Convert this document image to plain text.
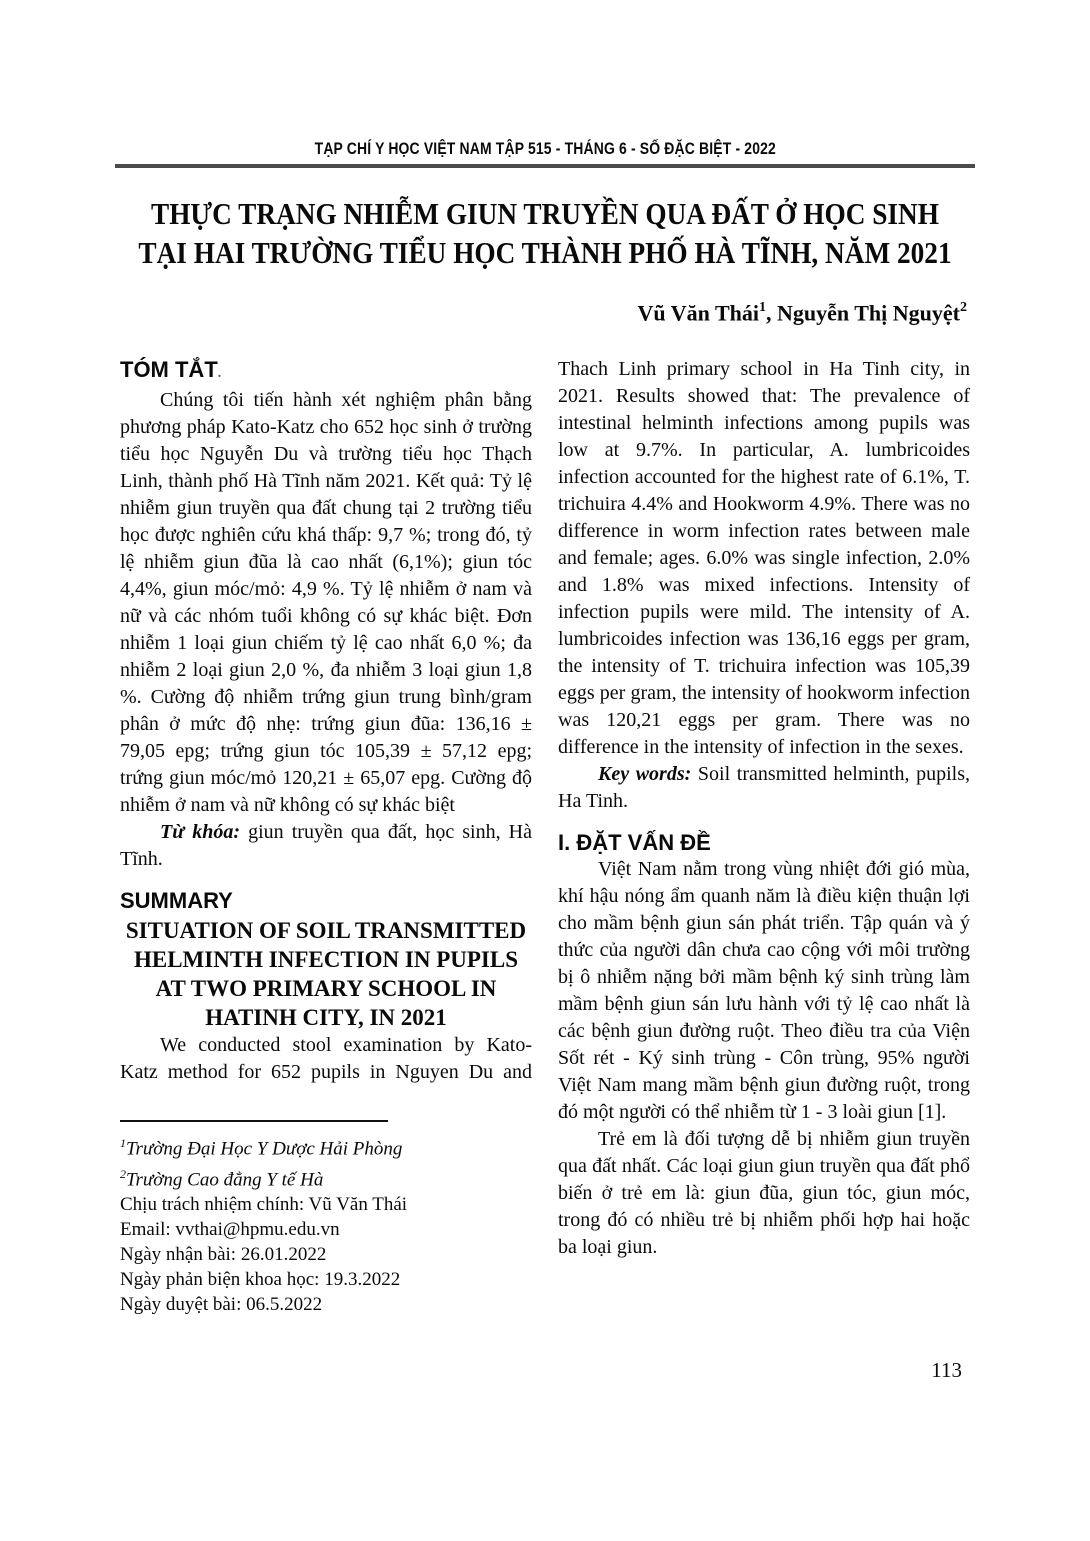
TẠP CHÍ Y HỌC VIỆT NAM TẬP 515 - THÁNG 6 - SỐ ĐẶC BIỆT - 2022
THỰC TRẠNG NHIỄM GIUN TRUYỀN QUA ĐẤT Ở HỌC SINH
TẠI HAI TRƯỜNG TIỂU HỌC THÀNH PHỐ HÀ TĨNH, NĂM 2021
Vũ Văn Thái$^1$, Nguyễn Thị Nguyệt$^2$
TÓM TẮT.

Chúng tôi tiến hành xét nghiệm phân bằng phương pháp Kato-Katz cho 652 học sinh ở trường tiểu học Nguyễn Du và trường tiểu học Thạch Linh, thành phố Hà Tĩnh năm 2021. Kết quả: Tỷ lệ nhiễm giun truyền qua đất chung tại 2 trường tiểu học được nghiên cứu khá thấp: 9,7 %; trong đó, tỷ lệ nhiễm giun đũa là cao nhất (6,1%); giun tóc 4,4%, giun móc/mỏ: 4,9 %. Tỷ lệ nhiễm ở nam và nữ và các nhóm tuổi không có sự khác biệt. Đơn nhiễm 1 loại giun chiếm tỷ lệ cao nhất 6,0 %; đa nhiễm 2 loại giun 2,0 %, đa nhiễm 3 loại giun 1,8 %. Cường độ nhiễm trứng giun trung bình/gram phân ở mức độ nhẹ: trứng giun đũa: 136,16 ± 79,05 epg; trứng giun tóc 105,39 ± 57,12 epg; trứng giun móc/mỏ 120,21 ± 65,07 epg. Cường độ nhiễm ở nam và nữ không có sự khác biệt

Từ khóa: giun truyền qua đất, học sinh, Hà Tĩnh.

SUMMARY
SITUATION OF SOIL TRANSMITTED
HELMINTH INFECTION IN PUPILS
AT TWO PRIMARY SCHOOL IN
HATINH CITY, IN 2021

We conducted stool examination by Kato-Katz method for 652 pupils in Nguyen Du and

$^1$Trường Đại Học Y Dược Hải Phòng

$^2$Trường Cao đẳng Y tế Hà

Chịu trách nhiệm chính: Vũ Văn Thái

Email: vvthai@hpmu.edu.vn

Ngày nhận bài: 26.01.2022

Ngày phản biện khoa học: 19.3.2022

Ngày duyệt bài: 06.5.2022

Thach Linh primary school in Ha Tinh city, in 2021. Results showed that: The prevalence of intestinal helminth infections among pupils was low at 9.7%. In particular, A. lumbricoides infection accounted for the highest rate of 6.1%, T. trichuira 4.4% and Hookworm 4.9%. There was no difference in worm infection rates between male and female; ages. 6.0% was single infection, 2.0% and 1.8% was mixed infections. Intensity of infection pupils were mild. The intensity of A. lumbricoides infection was 136,16 eggs per gram, the intensity of T. trichuira infection was 105,39 eggs per gram, the intensity of hookworm infection was 120,21 eggs per gram. There was no difference in the intensity of infection in the sexes.

Key words: Soil transmitted helminth, pupils, Ha Tinh.

I. ĐẶT VẤN ĐỀ

Việt Nam nằm trong vùng nhiệt đới gió mùa, khí hậu nóng ẩm quanh năm là điều kiện thuận lợi cho mầm bệnh giun sán phát triển. Tập quán và ý thức của người dân chưa cao cộng với môi trường bị ô nhiễm nặng bởi mầm bệnh ký sinh trùng làm mầm bệnh giun sán lưu hành với tỷ lệ cao nhất là các bệnh giun đường ruột. Theo điều tra của Viện Sốt rét - Ký sinh trùng - Côn trùng, 95% người Việt Nam mang mầm bệnh giun đường ruột, trong đó một người có thể nhiễm từ 1 - 3 loài giun [1].

Trẻ em là đối tượng dễ bị nhiễm giun truyền qua đất nhất. Các loại giun giun truyền qua đất phổ biến ở trẻ em là: giun đũa, giun tóc, giun móc, trong đó có nhiều trẻ bị nhiễm phối hợp hai hoặc ba loại giun.

113
